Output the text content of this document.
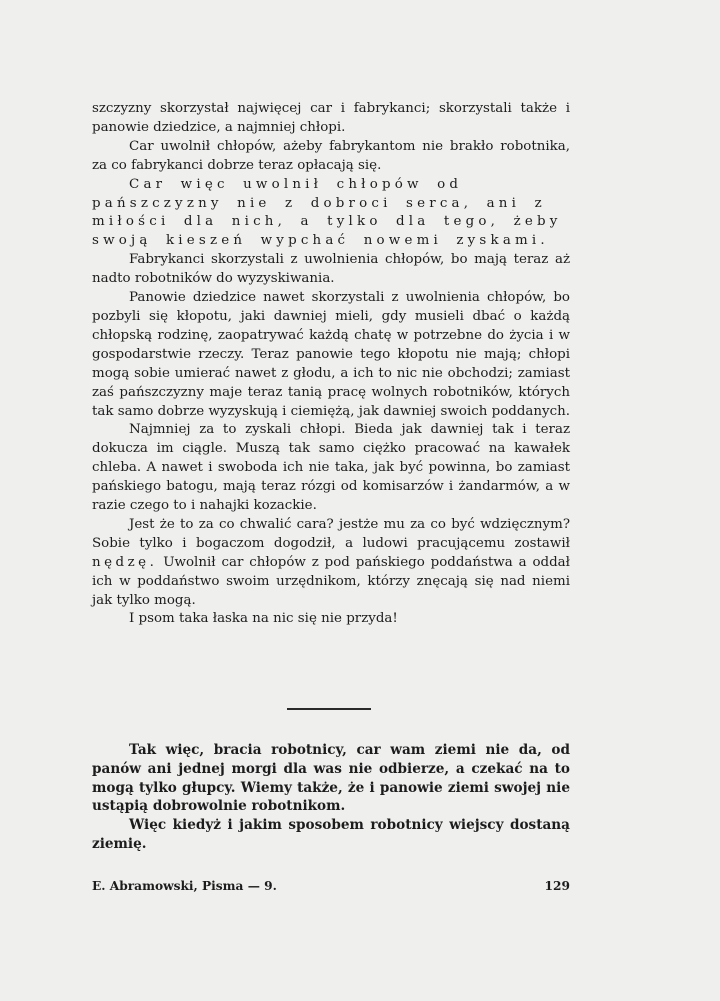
szczyzny skorzystał najwięcej car i fabrykanci; skorzystali także i panowie dziedzice, a najmniej chłopi.

Car uwolnił chłopów, ażeby fabrykantom nie brakło robotnika, za co fabrykanci dobrze teraz opłacają się.

Car więc uwolnił chłopów od pańszczyzny nie z dobroci serca, ani z miłości dla nich, a tylko dla tego, żeby swoją kieszeń wypchać nowemi zyskami.

Fabrykanci skorzystali z uwolnienia chłopów, bo mają teraz aż nadto robotników do wyzyskiwania.

Panowie dziedzice nawet skorzystali z uwolnienia chłopów, bo pozbyli się kłopotu, jaki dawniej mieli, gdy musieli dbać o każdą chłopską rodzinę, zaopatrywać każdą chatę w potrzebne do życia i w gospodarstwie rzeczy. Teraz panowie tego kłopotu nie mają; chłopi mogą sobie umierać nawet z głodu, a ich to nic nie obchodzi; zamiast zaś pańszczyzny maje teraz tanią pracę wolnych robotników, których tak samo dobrze wyzyskują i ciemiężą, jak dawniej swoich poddanych.

Najmniej za to zyskali chłopi. Bieda jak dawniej tak i teraz dokucza im ciągle. Muszą tak samo ciężko pracować na kawałek chleba. A nawet i swoboda ich nie taka, jak być powinna, bo zamiast pańskiego batogu, mają teraz rózgi od komisarzów i żandarmów, a w razie czego to i nahajki kozackie.

Jest że to za co chwalić cara? jestże mu za co być wdzięcznym? Sobie tylko i bogaczom dogodził, a ludowi pracującemu zostawił nędzę. Uwolnił car chłopów z pod pańskiego poddaństwa a oddał ich w poddaństwo swoim urzędnikom, którzy znęcają się nad niemi jak tylko mogą.

I psom taka łaska na nic się nie przyda!

Tak więc, bracia robotnicy, car wam ziemi nie da, od panów ani jednej morgi dla was nie odbierze, a czekać na to mogą tylko głupcy. Wiemy także, że i panowie ziemi swojej nie ustąpią dobrowolnie robotnikom.

Więc kiedyż i jakim sposobem robotnicy wiejscy dostaną ziemię.

E. Abramowski, Pisma — 9.	129
